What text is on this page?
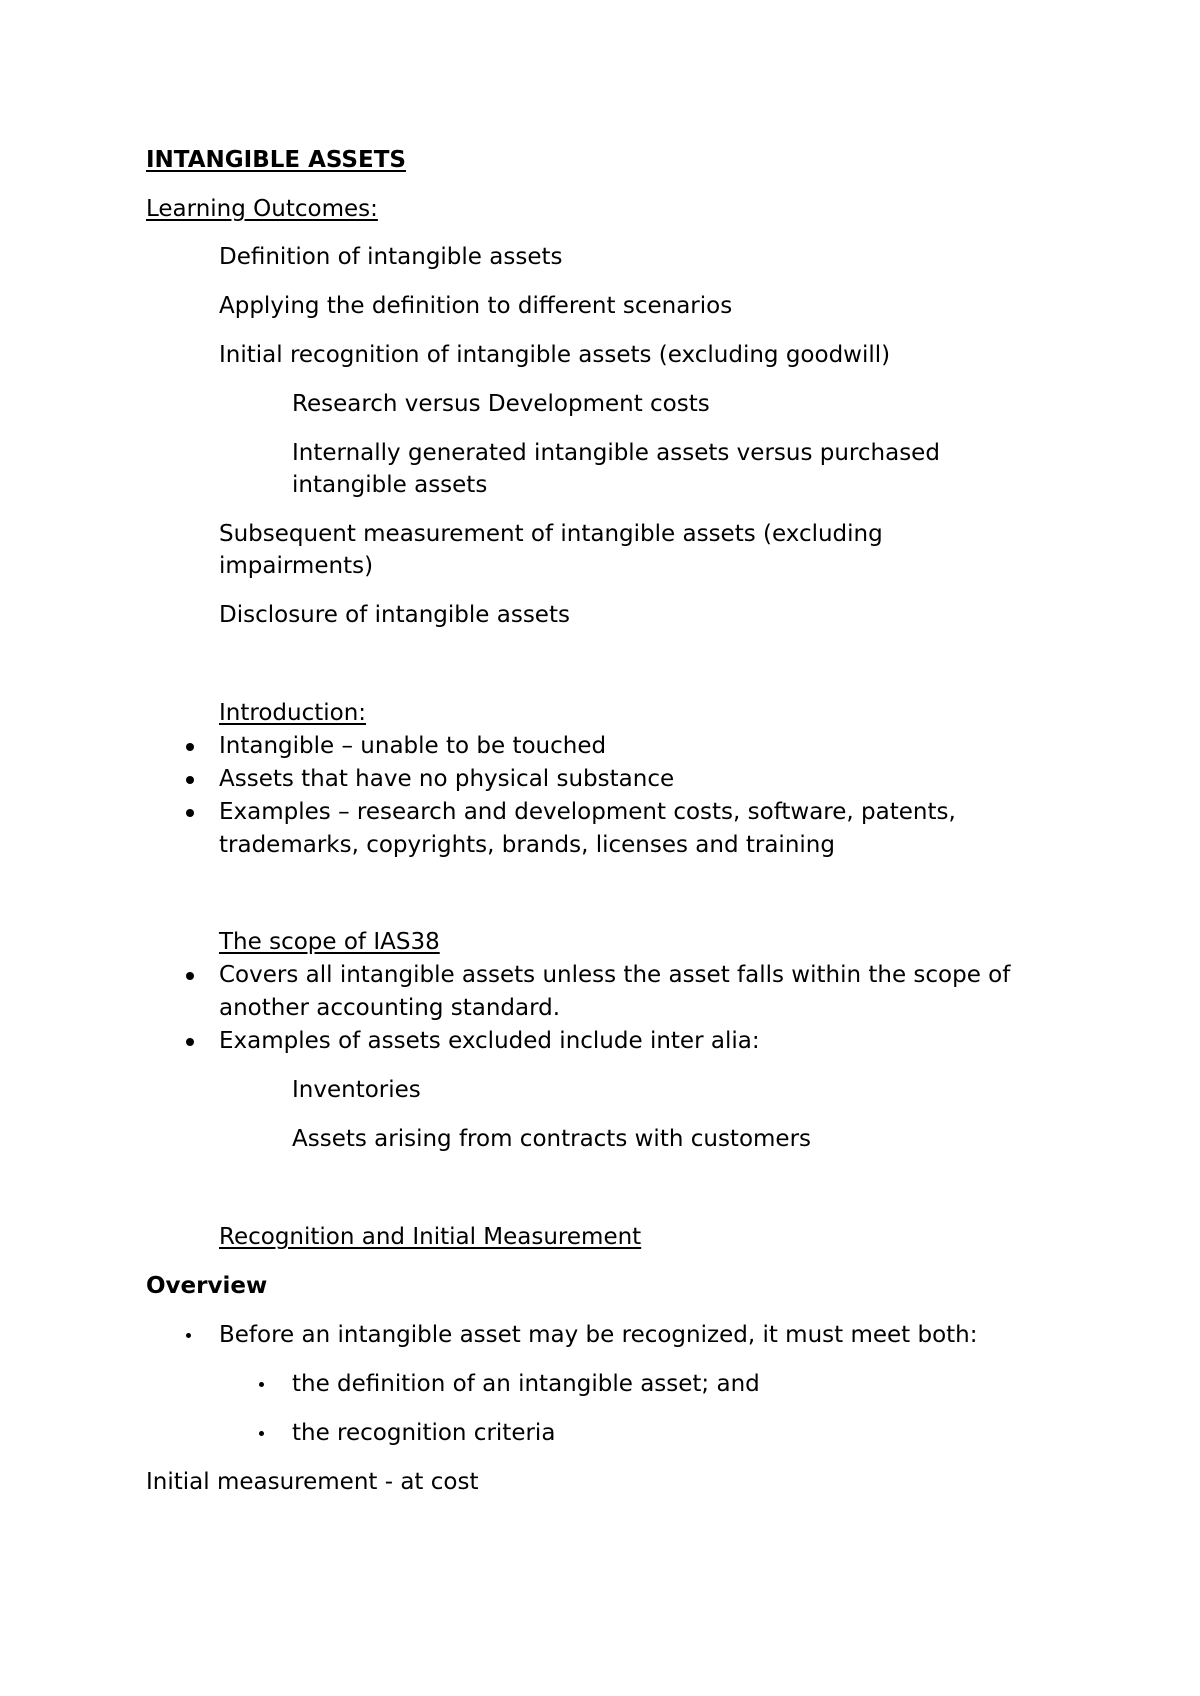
INTANGIBLE ASSETS
Learning Outcomes:
Definition of intangible assets
Applying the definition to different scenarios
Initial recognition of intangible assets (excluding goodwill)
Research versus Development costs
Internally generated intangible assets versus purchased
intangible assets
Subsequent measurement of intangible assets (excluding
impairments)
Disclosure of intangible assets
Introduction:
Intangible – unable to be touched
Assets that have no physical substance
Examples – research and development costs, software, patents,
trademarks, copyrights, brands, licenses and training
The scope of IAS38
Covers all intangible assets unless the asset falls within the scope of
another accounting standard.
Examples of assets excluded include inter alia:
Inventories
Assets arising from contracts with customers
Recognition and Initial Measurement
Overview
Before an intangible asset may be recognized, it must meet both:
the definition of an intangible asset; and
the recognition criteria
Initial measurement - at cost
